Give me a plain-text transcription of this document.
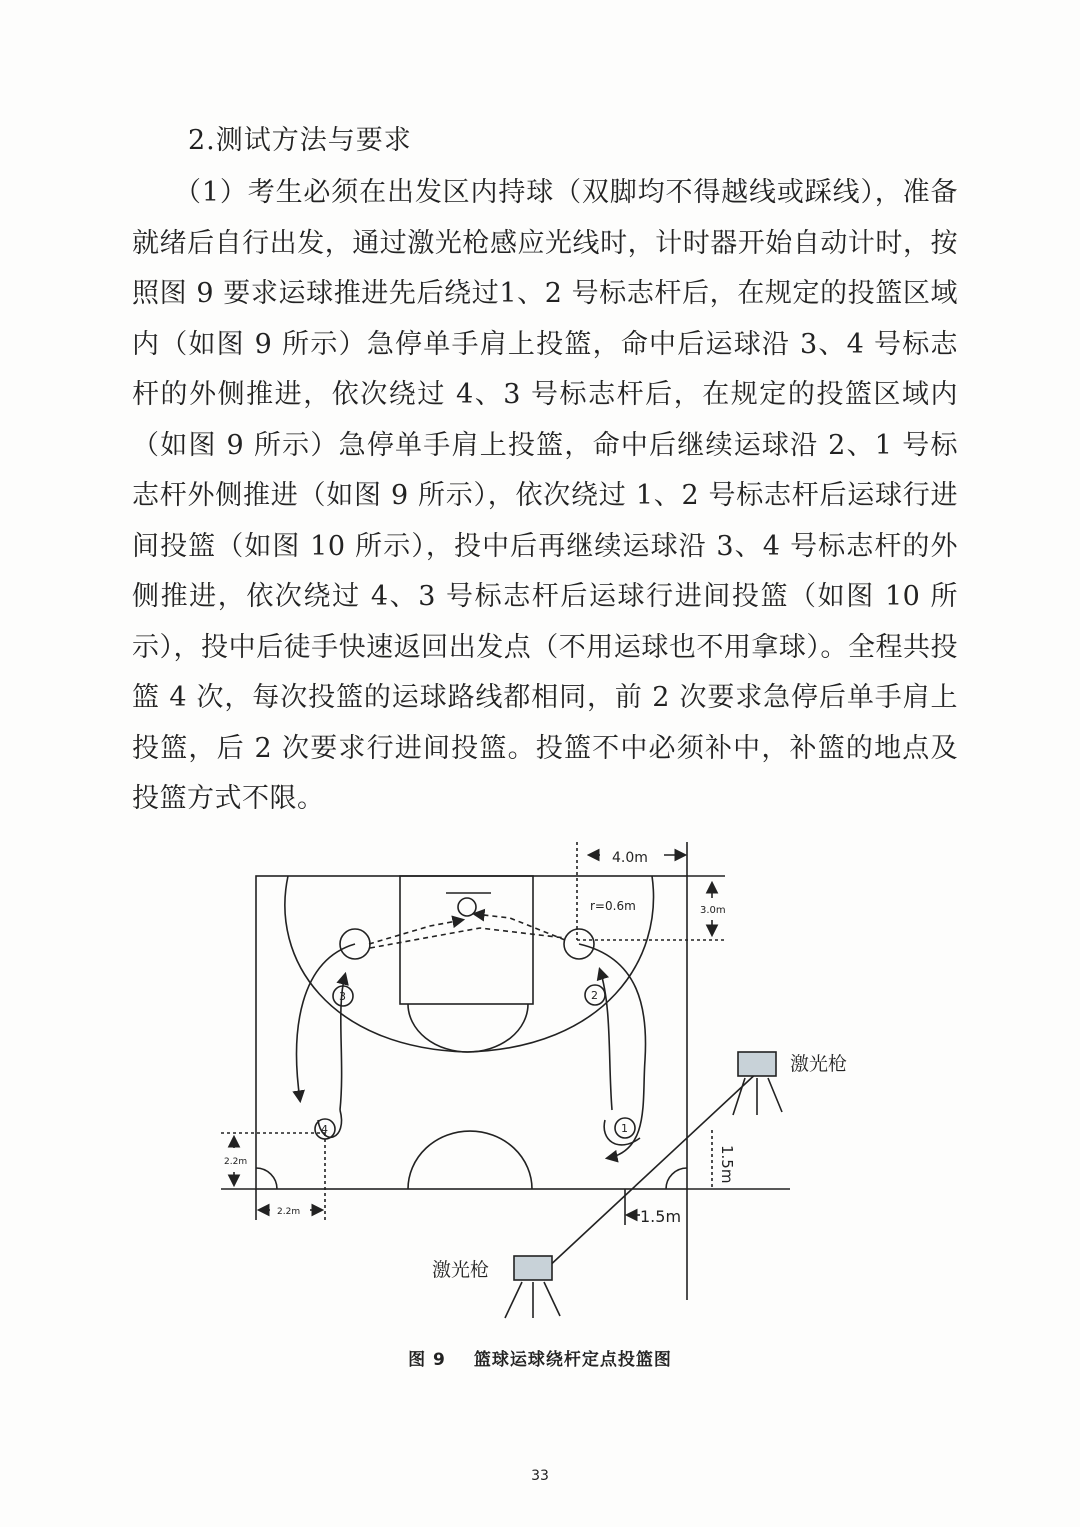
2.测试方法与要求

（1）考生必须在出发区内持球（双脚均不得越线或踩线），准备就绪后自行出发，通过激光枪感应光线时，计时器开始自动计时，按照图 9 要求运球推进先后绕过1、2 号标志杆后，在规定的投篮区域内（如图 9 所示）急停单手肩上投篮，命中后运球沿 3、4 号标志杆的外侧推进，依次绕过 4、3 号标志杆后，在规定的投篮区域内（如图 9 所示）急停单手肩上投篮，命中后继续运球沿 2、1 号标志杆外侧推进（如图 9 所示），依次绕过 1、2 号标志杆后运球行进间投篮（如图 10 所示），投中后再继续运球沿 3、4 号标志杆的外侧推进，依次绕过 4、3 号标志杆后运球行进间投篮（如图 10 所示），投中后徒手快速返回出发点（不用运球也不用拿球）。全程共投篮 4 次，每次投篮的运球路线都相同，前 2 次要求急停后单手肩上投篮，后 2 次要求行进间投篮。投篮不中必须补中，补篮的地点及投篮方式不限。

4.0m
r=0.6m	3.0m
2.2m
2.2m
1.5m
1.5m
激光枪
激光枪
1
2
3
4
图 9 篮球运球绕杆定点投篮图
33
